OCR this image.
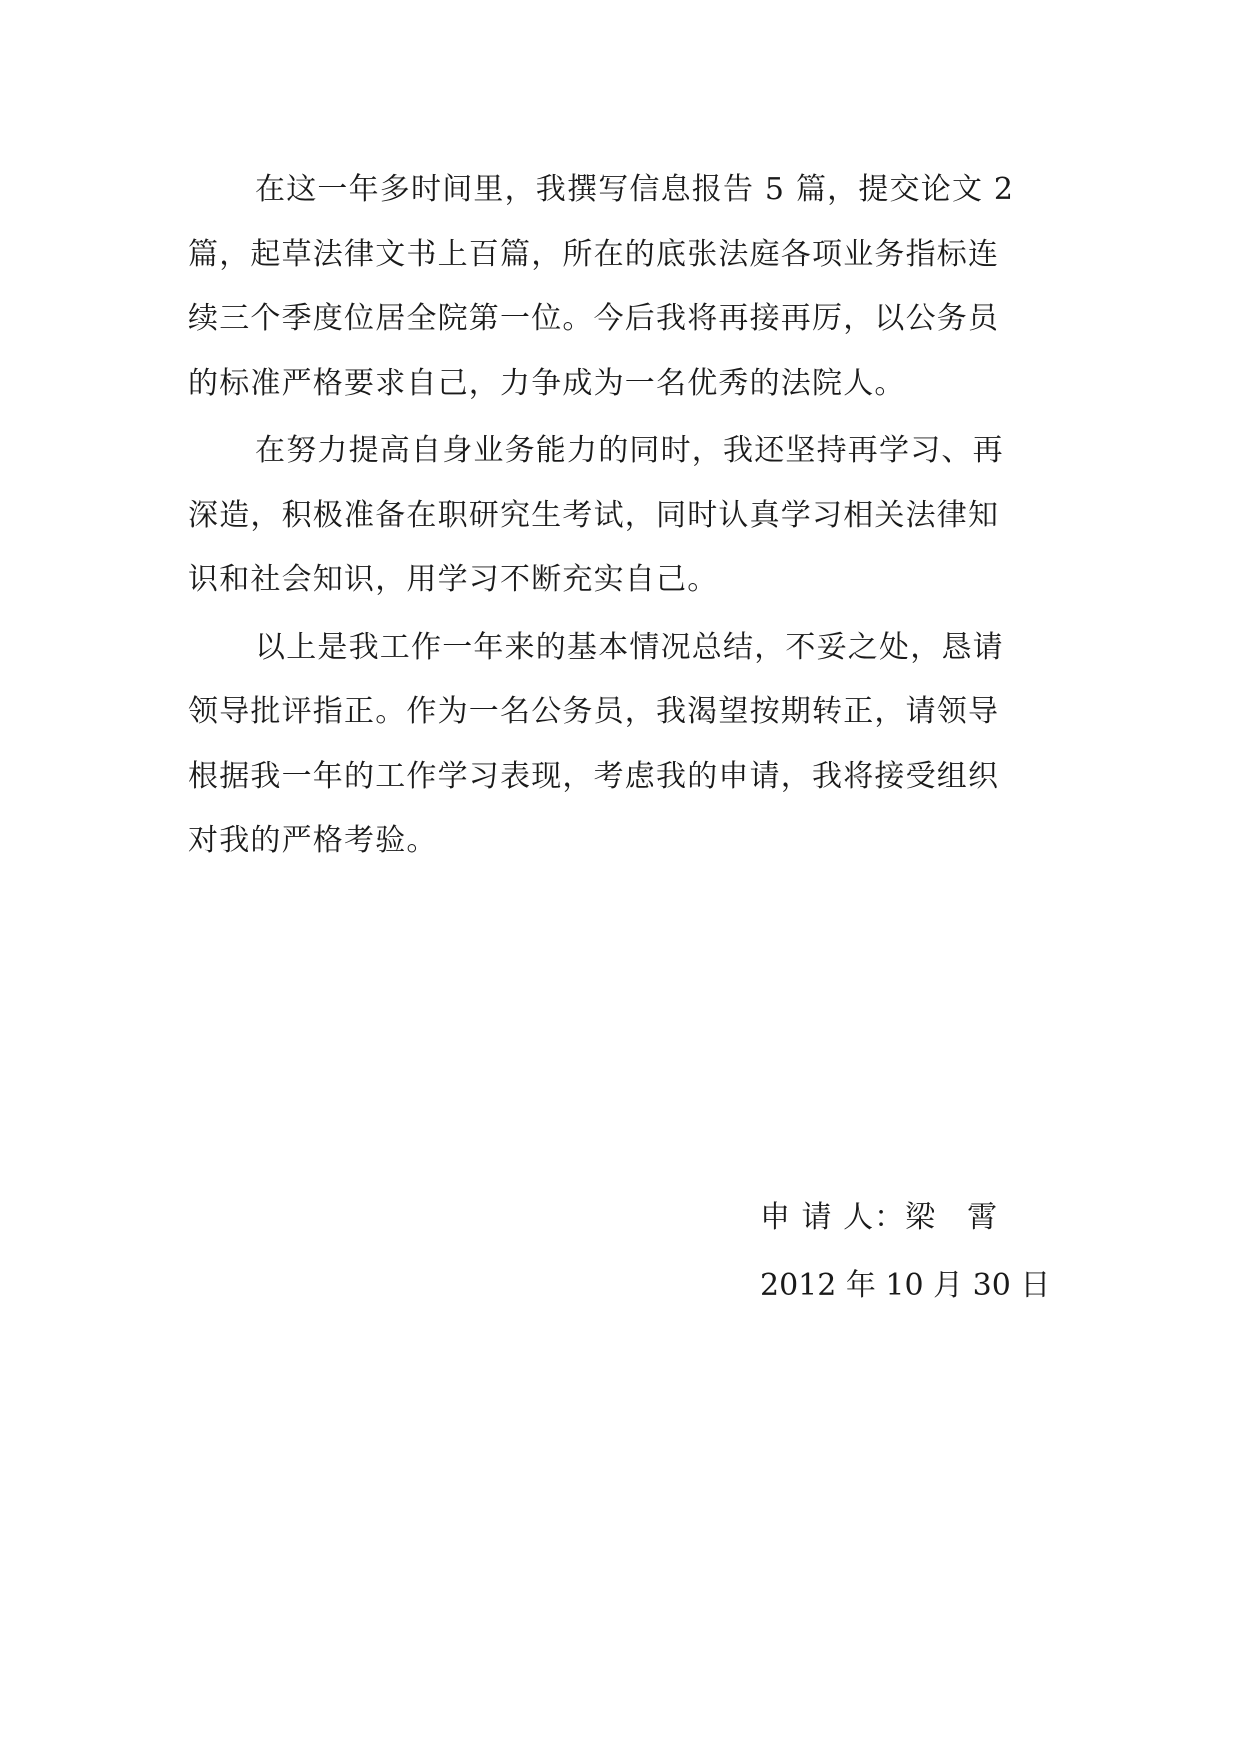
在这一年多时间里，我撰写信息报告 5 篇，提交论文 2
篇，起草法律文书上百篇，所在的底张法庭各项业务指标连
续三个季度位居全院第一位。今后我将再接再厉，以公务员
的标准严格要求自己，力争成为一名优秀的法院人。

在努力提高自身业务能力的同时，我还坚持再学习、再
深造，积极准备在职研究生考试，同时认真学习相关法律知
识和社会知识，用学习不断充实自己。

以上是我工作一年来的基本情况总结，不妥之处，恳请
领导批评指正。作为一名公务员，我渴望按期转正，请领导
根据我一年的工作学习表现，考虑我的申请，我将接受组织
对我的严格考验。

申 请 人：梁　霄
2012 年 10 月 30 日
